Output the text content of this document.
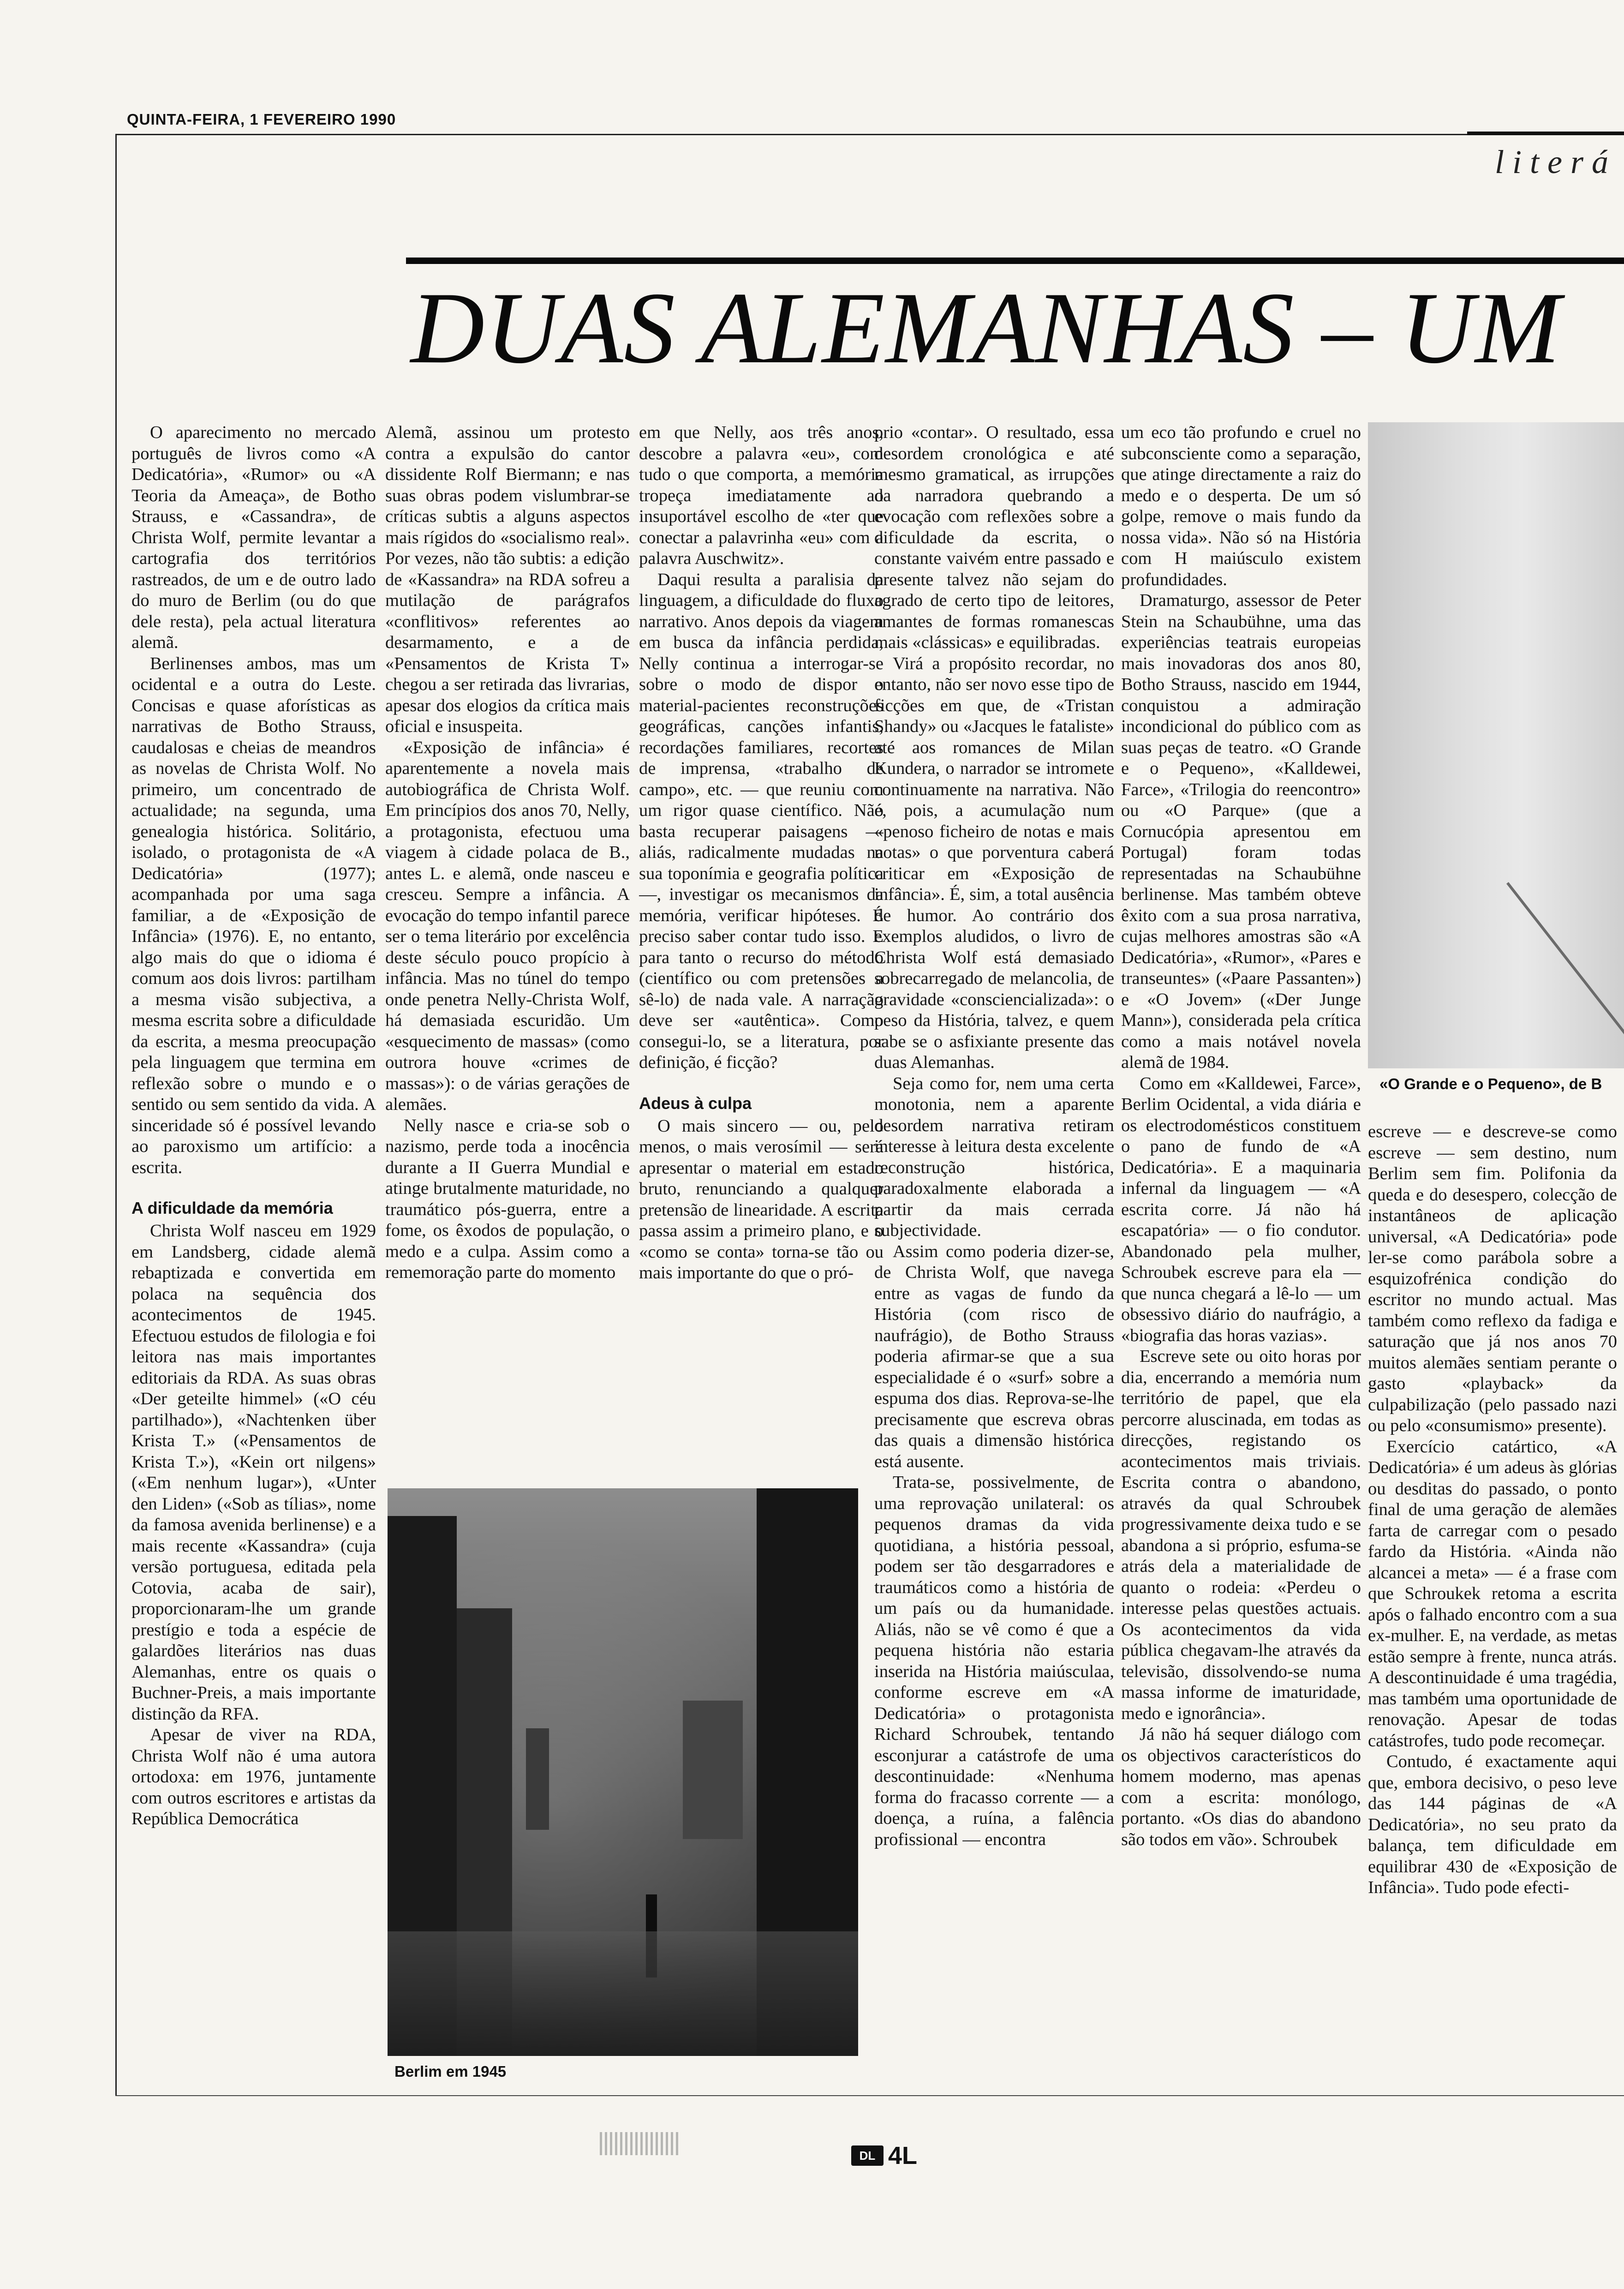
QUINTA-FEIRA, 1 FEVEREIRO 1990
literá
DUAS ALEMANHAS – UM

O aparecimento no mercado português de livros como «A Dedicatória», «Rumor» ou «A Teoria da Ameaça», de Botho Strauss, e «Cassandra», de Christa Wolf, permite levantar a cartografia dos territórios rastreados, de um e de outro lado do muro de Berlim (ou do que dele resta), pela actual literatura alemã.

Berlinenses ambos, mas um ocidental e a outra do Leste. Concisas e quase aforísticas as narrativas de Botho Strauss, caudalosas e cheias de meandros as novelas de Christa Wolf. No primeiro, um concentrado de actualidade; na segunda, uma genealogia histórica. Solitário, isolado, o protagonista de «A Dedicatória» (1977); acompanhada por uma saga familiar, a de «Exposição de Infância» (1976). E, no entanto, algo mais do que o idioma é comum aos dois livros: partilham a mesma visão subjectiva, a mesma escrita sobre a dificuldade da escrita, a mesma preocupação pela linguagem que termina em reflexão sobre o mundo e o sentido ou sem sentido da vida. A sinceridade só é possível levando ao paroxismo um artifício: a escrita.

A dificuldade da memória

Christa Wolf nasceu em 1929 em Landsberg, cidade alemã rebaptizada e convertida em polaca na sequência dos acontecimentos de 1945. Efectuou estudos de filologia e foi leitora nas mais importantes editoriais da RDA. As suas obras «Der geteilte himmel» («O céu partilhado»), «Nachtenken über Krista T.» («Pensamentos de Krista T.»), «Kein ort nilgens» («Em nenhum lugar»), «Unter den Liden» («Sob as tílias», nome da famosa avenida berlinense) e a mais recente «Kassandra» (cuja versão portuguesa, editada pela Cotovia, acaba de sair), proporcionaram-lhe um grande prestígio e toda a espécie de galardões literários nas duas Alemanhas, entre os quais o Buchner-Preis, a mais importante distinção da RFA.

Apesar de viver na RDA, Christa Wolf não é uma autora ortodoxa: em 1976, juntamente com outros escritores e artistas da República Democrática

Alemã, assinou um protesto contra a expulsão do cantor dissidente Rolf Biermann; e nas suas obras podem vislumbrar-se críticas subtis a alguns aspectos mais rígidos do «socialismo real». Por vezes, não tão subtis: a edição de «Kassandra» na RDA sofreu a mutilação de parágrafos «conflitivos» referentes ao desarmamento, e a de «Pensamentos de Krista T» chegou a ser retirada das livrarias, apesar dos elogios da crítica mais oficial e insuspeita.

«Exposição de infância» é aparentemente a novela mais autobiográfica de Christa Wolf. Em princípios dos anos 70, Nelly, a protagonista, efectuou uma viagem à cidade polaca de B., antes L. e alemã, onde nasceu e cresceu. Sempre a infância. A evocação do tempo infantil parece ser o tema literário por excelência deste século pouco propício à infância. Mas no túnel do tempo onde penetra Nelly-Christa Wolf, há demasiada escuridão. Um «esquecimento de massas» (como outrora houve «crimes de massas»): o de várias gerações de alemães.

Nelly nasce e cria-se sob o nazismo, perde toda a inocência durante a II Guerra Mundial e atinge brutalmente maturidade, no traumático pós-guerra, entre a fome, os êxodos de população, o medo e a culpa. Assim como a rememoração parte do momento

em que Nelly, aos três anos, descobre a palavra «eu», com tudo o que comporta, a memória tropeça imediatamente ao insuportável escolho de «ter que conectar a palavrinha «eu» com a palavra Auschwitz».

Daqui resulta a paralisia da linguagem, a dificuldade do fluxo narrativo. Anos depois da viagem em busca da infância perdida, Nelly continua a interrogar-se sobre o modo de dispor o material-pacientes reconstruções geográficas, canções infantis, recordações familiares, recortes de imprensa, «trabalho de campo», etc. — que reuniu com um rigor quase científico. Não basta recuperar paisagens — aliás, radicalmente mudadas na sua toponímia e geografia política —, investigar os mecanismos da memória, verificar hipóteses. É preciso saber contar tudo isso. E para tanto o recurso do método (científico ou com pretensões a sê-lo) de nada vale. A narração deve ser «autêntica». Como consegui-lo, se a literatura, por definição, é ficção?

Adeus à culpa

O mais sincero — ou, pelo menos, o mais verosímil — será apresentar o material em estado bruto, renunciando a qualquer pretensão de linearidade. A escrita passa assim a primeiro plano, e o «como se conta» torna-se tão ou mais importante do que o pró-

prio «contar». O resultado, essa desordem cronológica e até mesmo gramatical, as irrupções da narradora quebrando a evocação com reflexões sobre a dificuldade da escrita, o constante vaivém entre passado e presente talvez não sejam do agrado de certo tipo de leitores, amantes de formas romanescas mais «clássicas» e equilibradas.

Virá a propósito recordar, no entanto, não ser novo esse tipo de ficções em que, de «Tristan Shandy» ou «Jacques le fataliste» até aos romances de Milan Kundera, o narrador se intromete continuamente na narrativa. Não é, pois, a acumulação num «penoso ficheiro de notas e mais notas» o que porventura caberá criticar em «Exposição de infância». É, sim, a total ausência de humor. Ao contrário dos exemplos aludidos, o livro de Christa Wolf está demasiado sobrecarregado de melancolia, de gravidade «consciencializada»: o peso da História, talvez, e quem sabe se o asfixiante presente das duas Alemanhas.

Seja como for, nem uma certa monotonia, nem a aparente desordem narrativa retiram interesse à leitura desta excelente reconstrução histórica, paradoxalmente elaborada a partir da mais cerrada subjectividade.

Assim como poderia dizer-se, de Christa Wolf, que navega entre as vagas de fundo da História (com risco de naufrágio), de Botho Strauss poderia afirmar-se que a sua especialidade é o «surf» sobre a espuma dos dias. Reprova-se-lhe precisamente que escreva obras das quais a dimensão histórica está ausente.

Trata-se, possivelmente, de uma reprovação unilateral: os pequenos dramas da vida quotidiana, a história pessoal, podem ser tão desgarradores e traumáticos como a história de um país ou da humanidade. Aliás, não se vê como é que a pequena história não estaria inserida na História maiúsculaa, conforme escreve em «A Dedicatória» o protagonista Richard Schroubek, tentando esconjurar a catástrofe de uma descontinuidade: «Nenhuma forma do fracasso corrente — a doença, a ruína, a falência profissional — encontra

um eco tão profundo e cruel no subconsciente como a separação, que atinge directamente a raiz do medo e o desperta. De um só golpe, remove o mais fundo da nossa vida». Não só na História com H maiúsculo existem profundidades.

Dramaturgo, assessor de Peter Stein na Schaubühne, uma das experiências teatrais europeias mais inovadoras dos anos 80, Botho Strauss, nascido em 1944, conquistou a admiração incondicional do público com as suas peças de teatro. «O Grande e o Pequeno», «Kalldewei, Farce», «Trilogia do reencontro» ou «O Parque» (que a Cornucópia apresentou em Portugal) foram todas representadas na Schaubühne berlinense. Mas também obteve êxito com a sua prosa narrativa, cujas melhores amostras são «A Dedicatória», «Rumor», «Pares e transeuntes» («Paare Passanten») e «O Jovem» («Der Junge Mann»), considerada pela crítica como a mais notável novela alemã de 1984.

Como em «Kalldewei, Farce», Berlim Ocidental, a vida diária e os electrodomésticos constituem o pano de fundo de «A Dedicatória». E a maquinaria infernal da linguagem — «A escrita corre. Já não há escapatória» — o fio condutor. Abandonado pela mulher, Schroubek escreve para ela — que nunca chegará a lê-lo — um obsessivo diário do naufrágio, a «biografia das horas vazias».

Escreve sete ou oito horas por dia, encerrando a memória num território de papel, que ela percorre aluscinada, em todas as direcções, registando os acontecimentos mais triviais. Escrita contra o abandono, através da qual Schroubek progressivamente deixa tudo e se abandona a si próprio, esfuma-se atrás dela a materialidade de quanto o rodeia: «Perdeu o interesse pelas questões actuais. Os acontecimentos da vida pública chegavam-lhe através da televisão, dissolvendo-se numa massa informe de imaturidade, medo e ignorância».

Já não há sequer diálogo com os objectivos característicos do homem moderno, mas apenas com a escrita: monólogo, portanto. «Os dias do abandono são todos em vão». Schroubek

escreve — e descreve-se como escreve — sem destino, num Berlim sem fim. Polifonia da queda e do desespero, colecção de instantâneos de aplicação universal, «A Dedicatória» pode ler-se como parábola sobre a esquizofrénica condição do escritor no mundo actual. Mas também como reflexo da fadiga e saturação que já nos anos 70 muitos alemães sentiam perante o gasto «playback» da culpabilização (pelo passado nazi ou pelo «consumismo» presente).

Exercício catártico, «A Dedicatória» é um adeus às glórias ou desditas do passado, o ponto final de uma geração de alemães farta de carregar com o pesado fardo da História. «Ainda não alcancei a meta» — é a frase com que Schroukek retoma a escrita após o falhado encontro com a sua ex-mulher. E, na verdade, as metas estão sempre à frente, nunca atrás. A descontinuidade é uma tragédia, mas também uma oportunidade de renovação. Apesar de todas catástrofes, tudo pode recomeçar.

Contudo, é exactamente aqui que, embora decisivo, o peso leve das 144 páginas de «A Dedicatória», no seu prato da balança, tem dificuldade em equilibrar 430 de «Exposição de Infância». Tudo pode efecti-

Berlim em 1945
«O Grande e o Pequeno», de B
DL 4L
